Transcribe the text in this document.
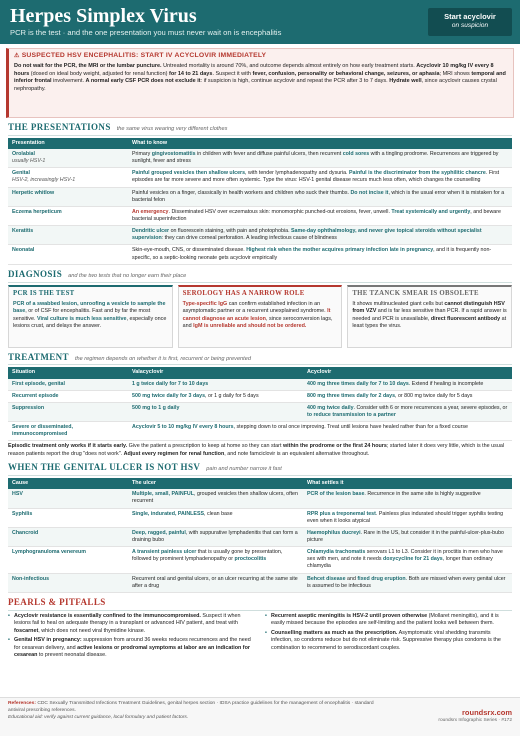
Herpes Simplex Virus
PCR is the test · and the one presentation you must never wait on is encephalitis
Start acyclovir
on suspicion
⚠ SUSPECTED HSV ENCEPHALITIS: START IV ACYCLOVIR IMMEDIATELY
Do not wait for the PCR, the MRI or the lumbar puncture. Untreated mortality is around 70%, and outcome depends almost entirely on how early treatment starts. Acyclovir 10 mg/kg IV every 8 hours (dosed on ideal body weight, adjusted for renal function) for 14 to 21 days. Suspect it with fever, confusion, personality or behavioral change, seizures, or aphasia; MRI shows temporal and inferior frontal involvement. A normal early CSF PCR does not exclude it: if suspicion is high, continue acyclovir and repeat the PCR after 3 to 7 days. Hydrate well, since acyclovir causes crystal nephropathy.
THE PRESENTATIONS the same virus wearing very different clothes
Presentation	What to know

Orolabial
usually HSV-1	Primary gingivostomatitis in children with fever and diffuse painful ulcers, then recurrent cold sores with a tingling prodrome. Recurrences are triggered by sunlight, fever and stress

Genital
HSV-2, increasingly HSV-1	Painful grouped vesicles then shallow ulcers, with tender lymphadenopathy and dysuria. Painful is the discriminator from the syphilitic chancre. First episodes are far more severe and more often systemic. Type the virus: HSV-1 genital disease recurs much less often, which changes the counselling

Herpetic whitlow	Painful vesicles on a finger, classically in health workers and children who suck their thumbs. Do not incise it, which is the usual error when it is mistaken for a bacterial felon

Eczema herpeticum	An emergency. Disseminated HSV over eczematous skin: monomorphic punched-out erosions, fever, unwell. Treat systemically and urgently, and beware bacterial superinfection

Keratitis	Dendritic ulcer on fluorescein staining, with pain and photophobia. Same-day ophthalmology, and never give topical steroids without specialist supervision: they can drive corneal perforation. A leading infectious cause of blindness

Neonatal	Skin-eye-mouth, CNS, or disseminated disease. Highest risk when the mother acquires primary infection late in pregnancy, and it is frequently non-specific, so a septic-looking neonate gets acyclovir empirically
DIAGNOSIS and the two tests that no longer earn their place
PCR IS THE TEST
PCR of a swabbed lesion, unroofing a vesicle to sample the base, or of CSF for encephalitis. Fast and by far the most sensitive. Viral culture is much less sensitive, especially once lesions crust, and delays the answer.
SEROLOGY HAS A NARROW ROLE
Type-specific IgG can confirm established infection in an asymptomatic partner or a recurrent unexplained syndrome. It cannot diagnose an acute lesion, since seroconversion lags, and IgM is unreliable and should not be ordered.
THE TZANCK SMEAR IS OBSOLETE
It shows multinucleated giant cells but cannot distinguish HSV from VZV and is far less sensitive than PCR. If a rapid answer is needed and PCR is unavailable, direct fluorescent antibody at least types the virus.
TREATMENT the regimen depends on whether it is first, recurrent or being prevented
Situation	Valacyclovir	Acyclovir
First episode, genital	1 g twice daily for 7 to 10 days	400 mg three times daily for 7 to 10 days. Extend if healing is incomplete
Recurrent episode	500 mg twice daily for 3 days, or 1 g daily for 5 days	800 mg three times daily for 2 days, or 800 mg twice daily for 5 days
Suppression	500 mg to 1 g daily	400 mg twice daily. Consider with 6 or more recurrences a year, severe episodes, or to reduce transmission to a partner
Severe or disseminated, immunocompromised	Acyclovir 5 to 10 mg/kg IV every 8 hours, stepping down to oral once improving. Treat until lesions have healed rather than for a fixed course	
Episodic treatment only works if it starts early. Give the patient a prescription to keep at home so they can start within the prodrome or the first 24 hours; started later it does very little, which is the usual reason patients report the drug "does not work". Adjust every regimen for renal function, and note famciclovir is an equivalent alternative throughout.
WHEN THE GENITAL ULCER IS NOT HSV pain and number narrow it fast
Cause	The ulcer	What settles it
HSV	Multiple, small, PAINFUL, grouped vesicles then shallow ulcers, often recurrent	PCR of the lesion base. Recurrence in the same site is highly suggestive
Syphilis	Single, indurated, PAINLESS, clean base	RPR plus a treponemal test. Painless plus indurated should trigger syphilis testing even when it looks atypical
Chancroid	Deep, ragged, painful, with suppurative lymphadenitis that can form a draining bubo	Haemophilus ducreyi. Rare in the US, but consider it in the painful-ulcer-plus-bubo picture
Lymphogranuloma venereum	A transient painless ulcer that is usually gone by presentation, followed by prominent lymphadenopathy or proctocolitis	Chlamydia trachomatis serovars L1 to L3. Consider it in proctitis in men who have sex with men, and note it needs doxycycline for 21 days, longer than ordinary chlamydia
Non-infectious	Recurrent oral and genital ulcers, or an ulcer recurring at the same site after a drug	Behcet disease and fixed drug eruption. Both are missed when every genital ulcer is assumed to be infectious
PEARLS & PITFALLS
• Acyclovir resistance is essentially confined to the immunocompromised. Suspect it when lesions fail to heal on adequate therapy in a transplant or advanced HIV patient, and treat with foscarnet, which does not need viral thymidine kinase.
• Genital HSV in pregnancy: suppression from around 36 weeks reduces recurrences and the need for cesarean delivery, and active lesions or prodromal symptoms at labor are an indication for cesarean to prevent neonatal disease.
• Recurrent aseptic meningitis is HSV-2 until proven otherwise (Mollaret meningitis), and it is easily missed because the episodes are self-limiting and the patient looks well between them.
• Counselling matters as much as the prescription. Asymptomatic viral shedding transmits infection, so condoms reduce but do not eliminate risk. Suppressive therapy plus condoms is the combination to recommend to serodiscordant couples.
References: CDC Sexually Transmitted Infections Treatment Guidelines, genital herpes section · IDSA practice guidelines for the management of encephalitis · standard antiviral prescribing references.
Educational aid: verify against current guidance, local formulary and patient factors.
roundsrx.com
roundsrx Infographic Series · #172
